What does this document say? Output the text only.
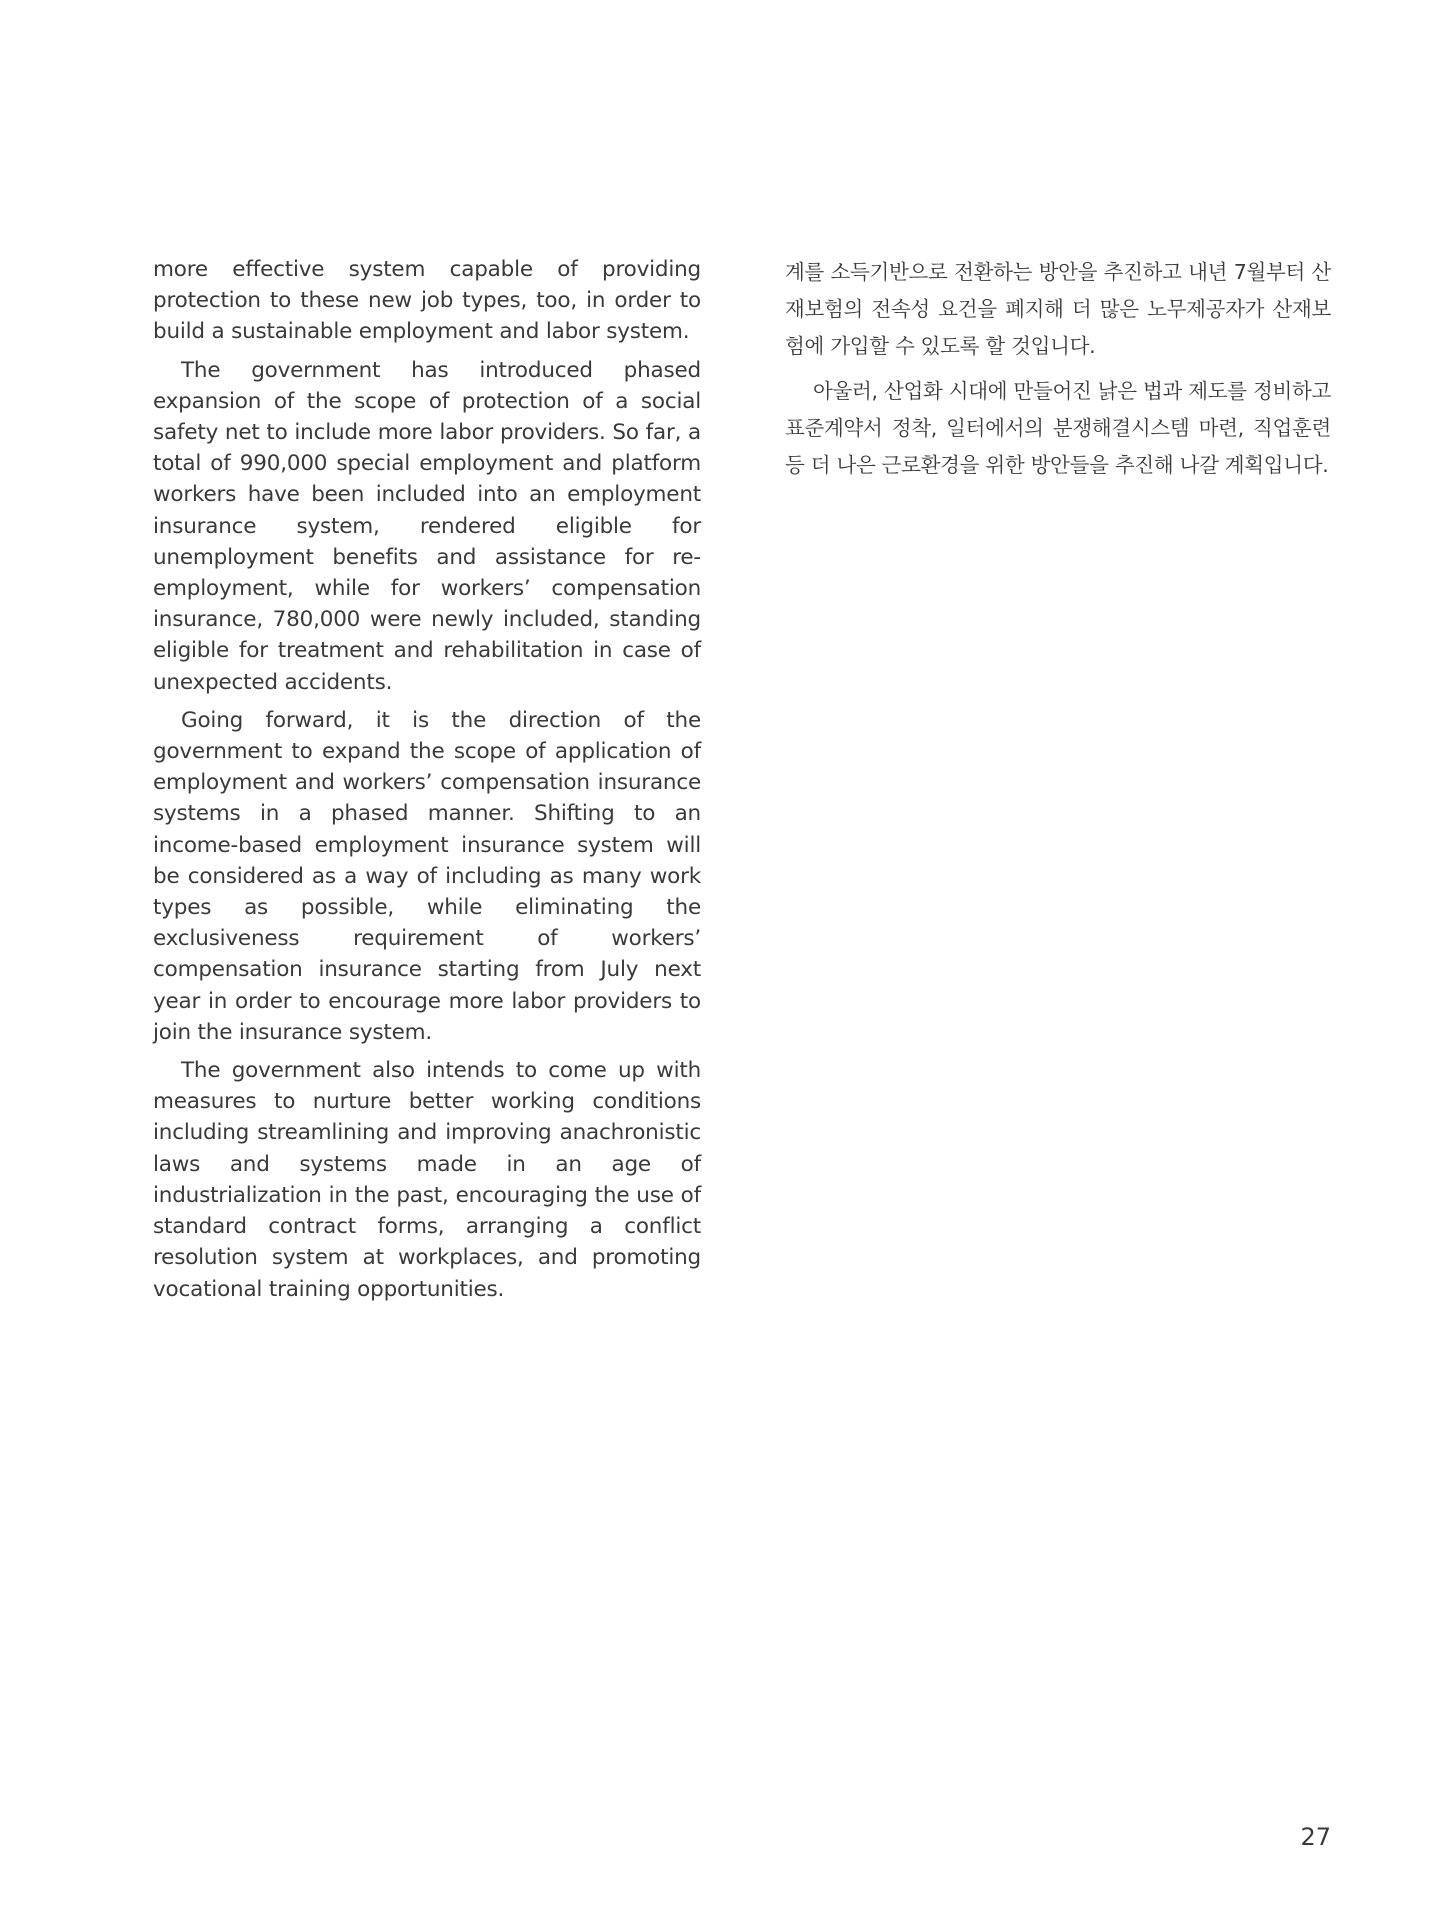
more effective system capable of providing protection to these new job types, too, in order to build a sustainable employment and labor system.

The government has introduced phased expansion of the scope of protection of a social safety net to include more labor providers. So far, a total of 990,000 special employment and platform workers have been included into an employment insurance system, rendered eligible for unemployment benefits and assistance for re-employment, while for workers’ compensation insurance, 780,000 were newly included, standing eligible for treatment and rehabilitation in case of unexpected accidents.

Going forward, it is the direction of the government to expand the scope of application of employment and workers’ compensation insurance systems in a phased manner. Shifting to an income-based employment insurance system will be considered as a way of including as many work types as possible, while eliminating the exclusiveness requirement of workers’ compensation insurance starting from July next year in order to encourage more labor providers to join the insurance system.

The government also intends to come up with measures to nurture better working conditions including streamlining and improving anachronistic laws and systems made in an age of industrialization in the past, encouraging the use of standard contract forms, arranging a conflict resolution system at workplaces, and promoting vocational training opportunities.

계를 소득기반으로 전환하는 방안을 추진하고 내년 7월부터 산재보험의 전속성 요건을 폐지해 더 많은 노무제공자가 산재보험에 가입할 수 있도록 할 것입니다.

아울러, 산업화 시대에 만들어진 낡은 법과 제도를 정비하고 표준계약서 정착, 일터에서의 분쟁해결시스템 마련, 직업훈련 등 더 나은 근로환경을 위한 방안들을 추진해 나갈 계획입니다.

27
